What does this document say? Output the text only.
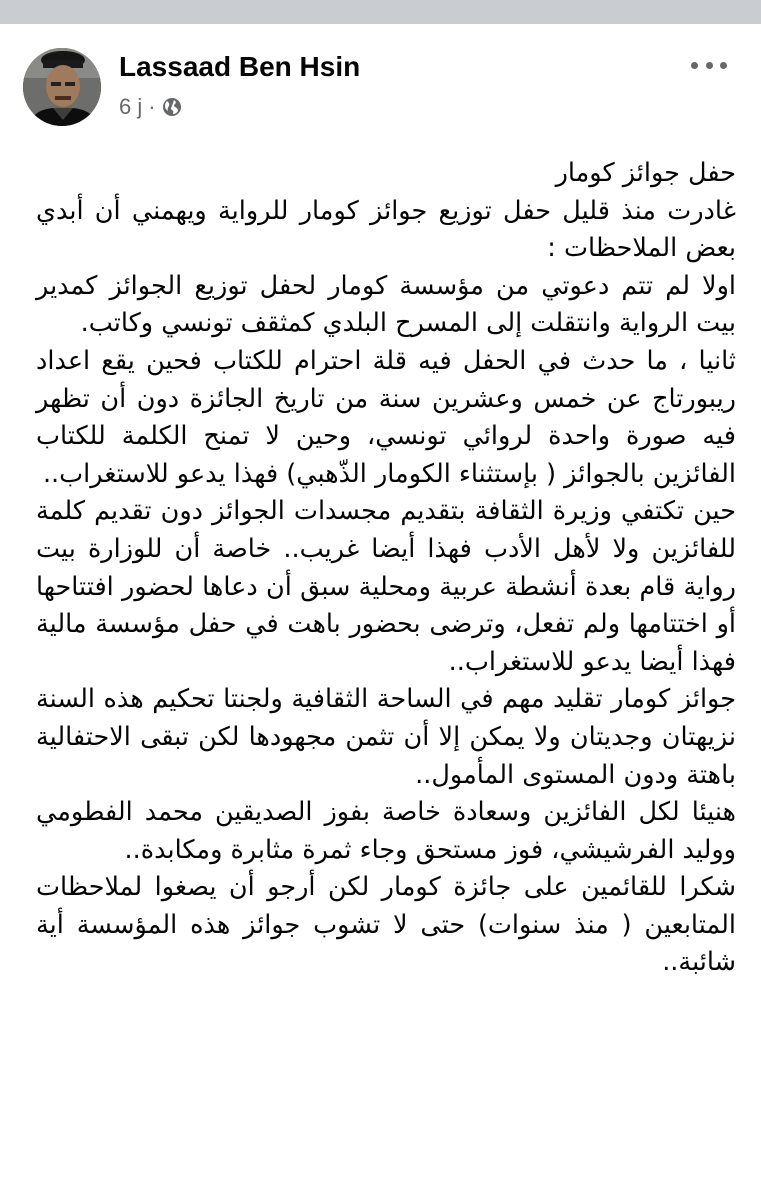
Lassaad Ben Hsin
6 j ·

حفل جوائز كومار

غادرت منذ قليل حفل توزيع جوائز كومار للرواية ويهمني أن أبدي بعض الملاحظات :

اولا لم تتم دعوتي من مؤسسة كومار لحفل توزيع الجوائز كمدير بيت الرواية وانتقلت إلى المسرح البلدي كمثقف تونسي وكاتب.

ثانيا ، ما حدث في الحفل فيه قلة احترام للكتاب فحين يقع اعداد ريبورتاج عن خمس وعشرين سنة من تاريخ الجائزة دون أن تظهر فيه صورة واحدة لروائي تونسي، وحين لا تمنح الكلمة للكتاب الفائزين بالجوائز ( بإستثناء الكومار الذّهبي) فهذا يدعو للاستغراب..

حين تكتفي وزيرة الثقافة بتقديم مجسدات الجوائز دون تقديم كلمة للفائزين ولا لأهل الأدب فهذا أيضا غريب.. خاصة أن للوزارة بيت رواية قام بعدة أنشطة عربية ومحلية سبق أن دعاها لحضور افتتاحها أو اختتامها ولم تفعل، وترضى بحضور باهت في حفل مؤسسة مالية فهذا أيضا يدعو للاستغراب..

جوائز كومار تقليد مهم في الساحة الثقافية ولجنتا تحكيم هذه السنة نزيهتان وجديتان ولا يمكن إلا أن تثمن مجهودها لكن تبقى الاحتفالية باهتة ودون المستوى المأمول..

هنيئا لكل الفائزين وسعادة خاصة بفوز الصديقين محمد الفطومي ووليد الفرشيشي، فوز مستحق وجاء ثمرة مثابرة ومكابدة..

شكرا للقائمين على جائزة كومار لكن أرجو أن يصغوا لملاحظات المتابعين ( منذ سنوات) حتى لا تشوب جوائز هذه المؤسسة أية شائبة..
